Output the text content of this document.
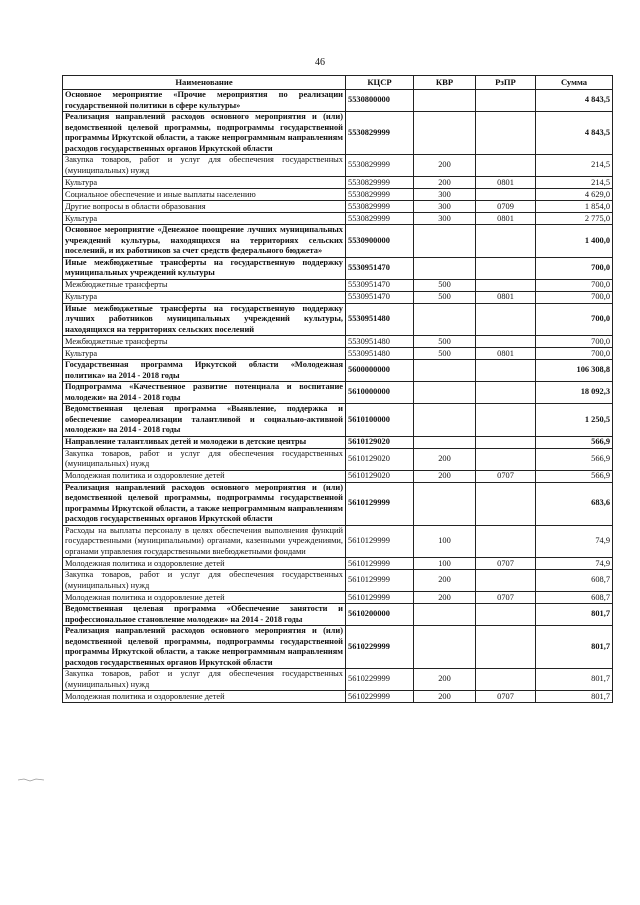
46
Наименование	КЦСР	КВР	РзПР	Сумма
Основное мероприятие «Прочие мероприятия по реализации государственной политики в сфере культуры»	5530800000			4 843,5
Реализация направлений расходов основного мероприятия и (или) ведомственной целевой программы, подпрограммы государственной программы Иркутской области, а также непрограммным направлениям расходов государственных органов Иркутской области	5530829999			4 843,5
Закупка товаров, работ и услуг для обеспечения государственных (муниципальных) нужд	5530829999	200		214,5
Культура	5530829999	200	0801	214,5
Социальное обеспечение и иные выплаты населению	5530829999	300		4 629,0
Другие вопросы в области образования	5530829999	300	0709	1 854,0
Культура	5530829999	300	0801	2 775,0
Основное мероприятие «Денежное поощрение лучших муниципальных учреждений культуры, находящихся на территориях сельских поселений, и их работников за счет средств федерального бюджета»	5530900000			1 400,0
Иные межбюджетные трансферты на государственную поддержку муниципальных учреждений культуры	5530951470			700,0
Межбюджетные трансферты	5530951470	500		700,0
Культура	5530951470	500	0801	700,0
Иные межбюджетные трансферты на государственную поддержку лучших работников муниципальных учреждений культуры, находящихся на территориях сельских поселений	5530951480			700,0
Межбюджетные трансферты	5530951480	500		700,0
Культура	5530951480	500	0801	700,0
Государственная программа Иркутской области «Молодежная политика» на 2014 - 2018 годы	5600000000			106 308,8
Подпрограмма «Качественное развитие потенциала и воспитание молодежи» на 2014 - 2018 годы	5610000000			18 092,3
Ведомственная целевая программа «Выявление, поддержка и обеспечение самореализации талантливой и социально-активной молодежи» на 2014 - 2018 годы	5610100000			1 250,5
Направление талантливых детей и молодежи в детские центры	5610129020			566,9
Закупка товаров, работ и услуг для обеспечения государственных (муниципальных) нужд	5610129020	200		566,9
Молодежная политика и оздоровление детей	5610129020	200	0707	566,9
Реализация направлений расходов основного мероприятия и (или) ведомственной целевой программы, подпрограммы государственной программы Иркутской области, а также непрограммным направлениям расходов государственных органов Иркутской области	5610129999			683,6
Расходы на выплаты персоналу в целях обеспечения выполнения функций государственными (муниципальными) органами, казенными учреждениями, органами управления государственными внебюджетными фондами	5610129999	100		74,9
Молодежная политика и оздоровление детей	5610129999	100	0707	74,9
Закупка товаров, работ и услуг для обеспечения государственных (муниципальных) нужд	5610129999	200		608,7
Молодежная политика и оздоровление детей	5610129999	200	0707	608,7
Ведомственная целевая программа «Обеспечение занятости и профессиональное становление молодежи» на 2014 - 2018 годы	5610200000			801,7
Реализация направлений расходов основного мероприятия и (или) ведомственной целевой программы, подпрограммы государственной программы Иркутской области, а также непрограммным направлениям расходов государственных органов Иркутской области	5610229999			801,7
Закупка товаров, работ и услуг для обеспечения государственных (муниципальных) нужд	5610229999	200		801,7
Молодежная политика и оздоровление детей	5610229999	200	0707	801,7
